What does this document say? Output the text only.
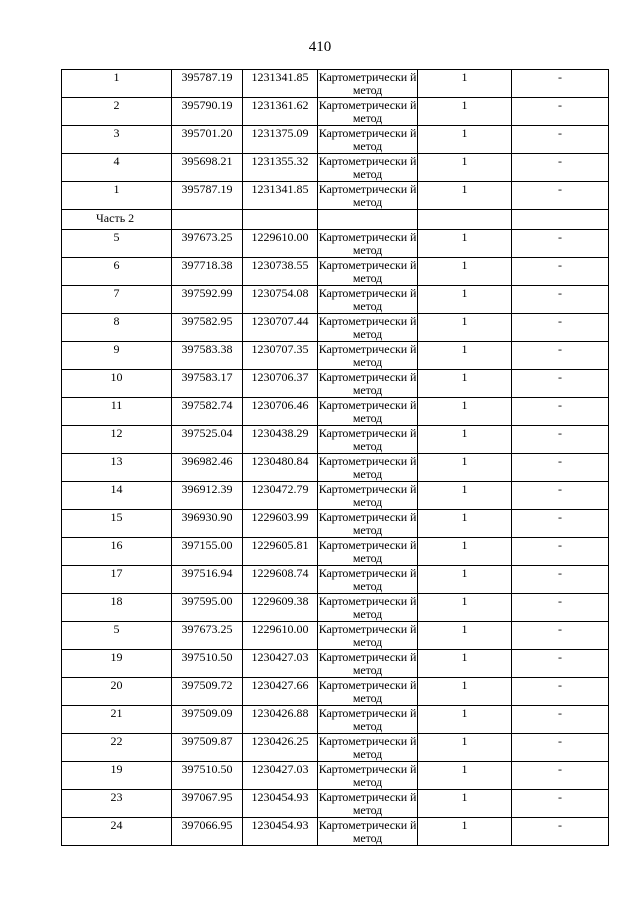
410
1	395787.19	1231341.85	Картометрически й метод	1	-
2	395790.19	1231361.62	Картометрически й метод	1	-
3	395701.20	1231375.09	Картометрически й метод	1	-
4	395698.21	1231355.32	Картометрически й метод	1	-
1	395787.19	1231341.85	Картометрически й метод	1	-
Часть 2					
5	397673.25	1229610.00	Картометрически й метод	1	-
6	397718.38	1230738.55	Картометрически й метод	1	-
7	397592.99	1230754.08	Картометрически й метод	1	-
8	397582.95	1230707.44	Картометрически й метод	1	-
9	397583.38	1230707.35	Картометрически й метод	1	-
10	397583.17	1230706.37	Картометрически й метод	1	-
11	397582.74	1230706.46	Картометрически й метод	1	-
12	397525.04	1230438.29	Картометрически й метод	1	-
13	396982.46	1230480.84	Картометрически й метод	1	-
14	396912.39	1230472.79	Картометрически й метод	1	-
15	396930.90	1229603.99	Картометрически й метод	1	-
16	397155.00	1229605.81	Картометрически й метод	1	-
17	397516.94	1229608.74	Картометрически й метод	1	-
18	397595.00	1229609.38	Картометрически й метод	1	-
5	397673.25	1229610.00	Картометрически й метод	1	-
19	397510.50	1230427.03	Картометрически й метод	1	-
20	397509.72	1230427.66	Картометрически й метод	1	-
21	397509.09	1230426.88	Картометрически й метод	1	-
22	397509.87	1230426.25	Картометрически й метод	1	-
19	397510.50	1230427.03	Картометрически й метод	1	-
23	397067.95	1230454.93	Картометрически й метод	1	-
24	397066.95	1230454.93	Картометрически й метод	1	-
